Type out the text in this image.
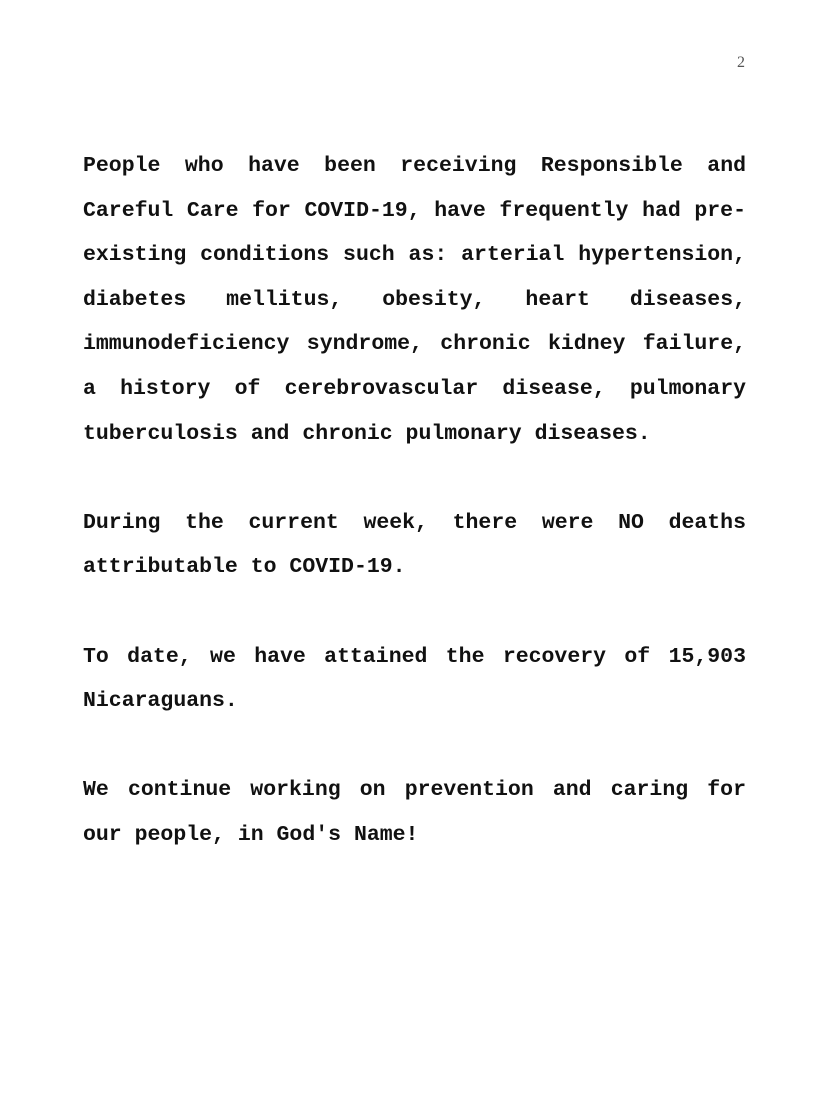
2

People who have been receiving Responsible and Careful Care for COVID-19, have frequently had pre-existing conditions such as: arterial hypertension, diabetes mellitus, obesity, heart diseases, immunodeficiency syndrome, chronic kidney failure, a history of cerebrovascular disease, pulmonary tuberculosis and chronic pulmonary diseases.

During the current week, there were NO deaths attributable to COVID-19.

To date, we have attained the recovery of 15,903 Nicaraguans.

We continue working on prevention and caring for our people, in God's Name!
